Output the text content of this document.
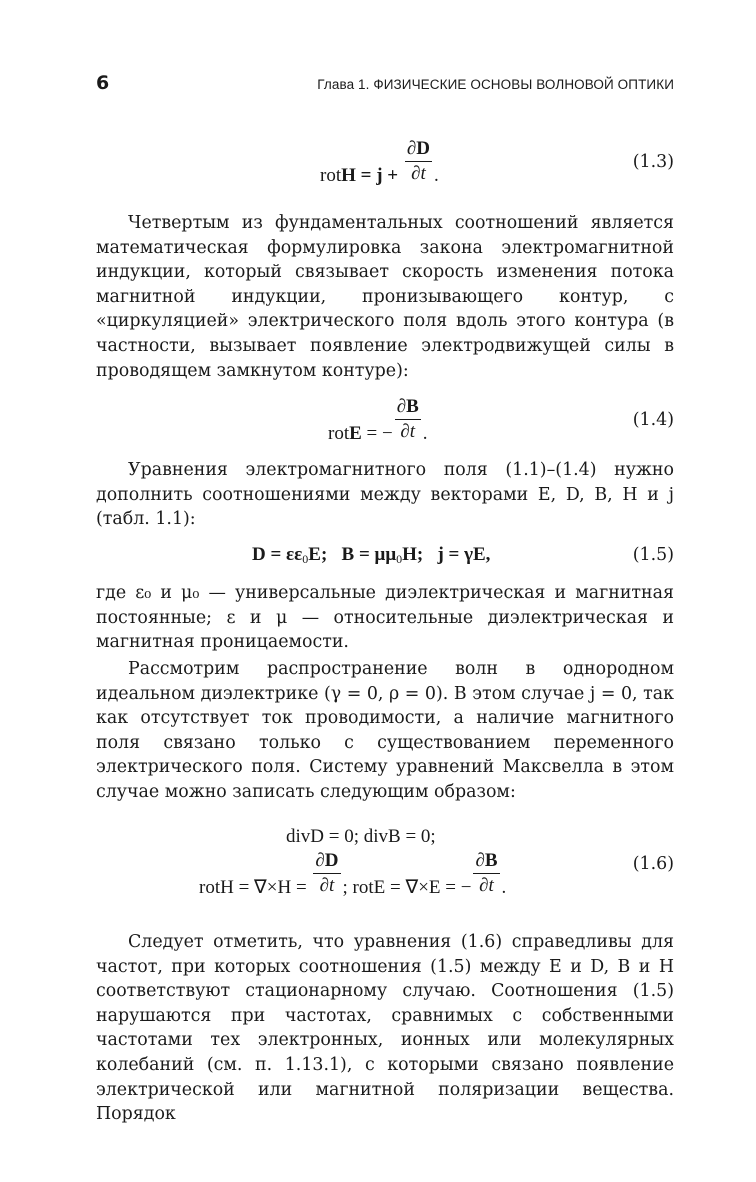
6	Глава 1. ФИЗИЧЕСКИЕ ОСНОВЫ ВОЛНОВОЙ ОПТИКИ
rotH = $j + \frac{\partial D}{\partial t}$ .
(1.3)

Четвертым из фундаментальных соотношений является математическая формулировка закона электромагнитной индукции, который связывает скорость изменения потока магнитной индукции, пронизывающего контур, с «циркуляцией» электрического поля вдоль этого контура (в частности, вызывает появление электродвижущей силы в проводящем замкнутом контуре):

rotE = − $\frac{\partial B}{\partial t}$ .
(1.4)

Уравнения электромагнитного поля (1.1)–(1.4) нужно дополнить соотношениями между векторами E, D, B, H и j (табл. 1.1):

$D = \varepsilon\varepsilon_0E$; $B = \mu\mu_0H$; j = γE,	(1.5)

где ε₀ и μ₀ — универсальные диэлектрическая и магнитная постоянные; ε и μ — относительные диэлектрическая и магнитная проницаемости.

Рассмотрим распространение волн в однородном идеальном диэлектрике (γ = 0, ρ = 0). В этом случае j = 0, так как отсутствует ток проводимости, а наличие магнитного поля связано только с существованием переменного электрического поля. Систему уравнений Максвелла в этом случае можно записать следующим образом:

divD = 0; divB = 0;
rotH = $\nabla\times H = \frac{\partial D}{\partial t}$ ; rotE = ∇×E = − $\frac{\partial B}{\partial t}$ .
(1.6)

Следует отметить, что уравнения (1.6) справедливы для частот, при которых соотношения (1.5) между E и D, B и H соответствуют стационарному случаю. Соотношения (1.5) нарушаются при частотах, сравнимых с собственными частотами тех электронных, ионных или молекулярных колебаний (см. п. 1.13.1), с которыми связано появление электрической или магнитной поляризации вещества. Порядок
